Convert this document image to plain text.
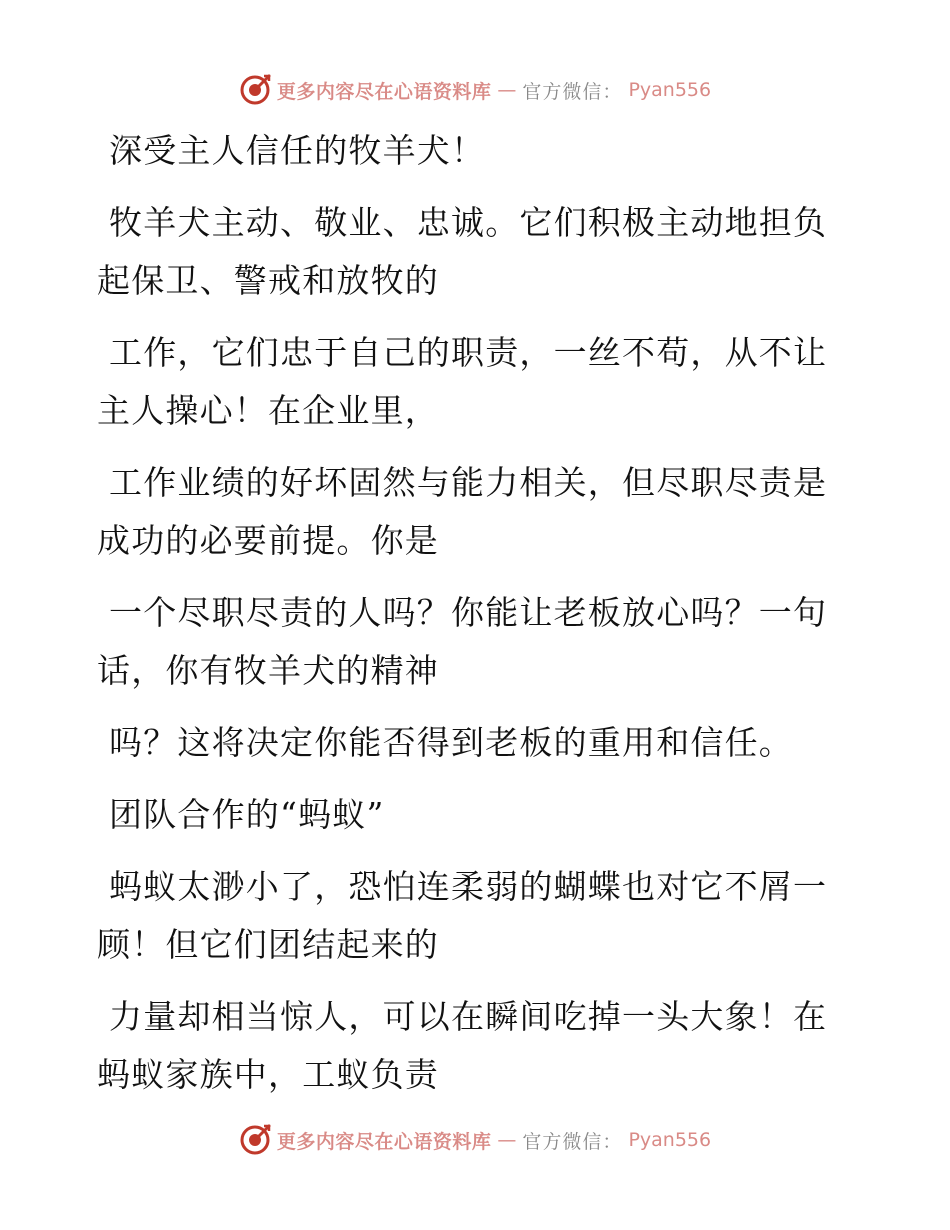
更多内容尽在心语资料库 — 官方微信： Pyan556

深受主人信任的牧羊犬！

牧羊犬主动、敬业、忠诚。它们积极主动地担负
起保卫、警戒和放牧的

工作，它们忠于自己的职责，一丝不苟，从不让
主人操心！在企业里，

工作业绩的好坏固然与能力相关，但尽职尽责是
成功的必要前提。你是

一个尽职尽责的人吗？你能让老板放心吗？一句
话，你有牧羊犬的精神

吗？这将决定你能否得到老板的重用和信任。

团队合作的“蚂蚁”

蚂蚁太渺小了，恐怕连柔弱的蝴蝶也对它不屑一
顾！但它们团结起来的

力量却相当惊人，可以在瞬间吃掉一头大象！在
蚂蚁家族中，工蚁负责

更多内容尽在心语资料库 — 官方微信： Pyan556
